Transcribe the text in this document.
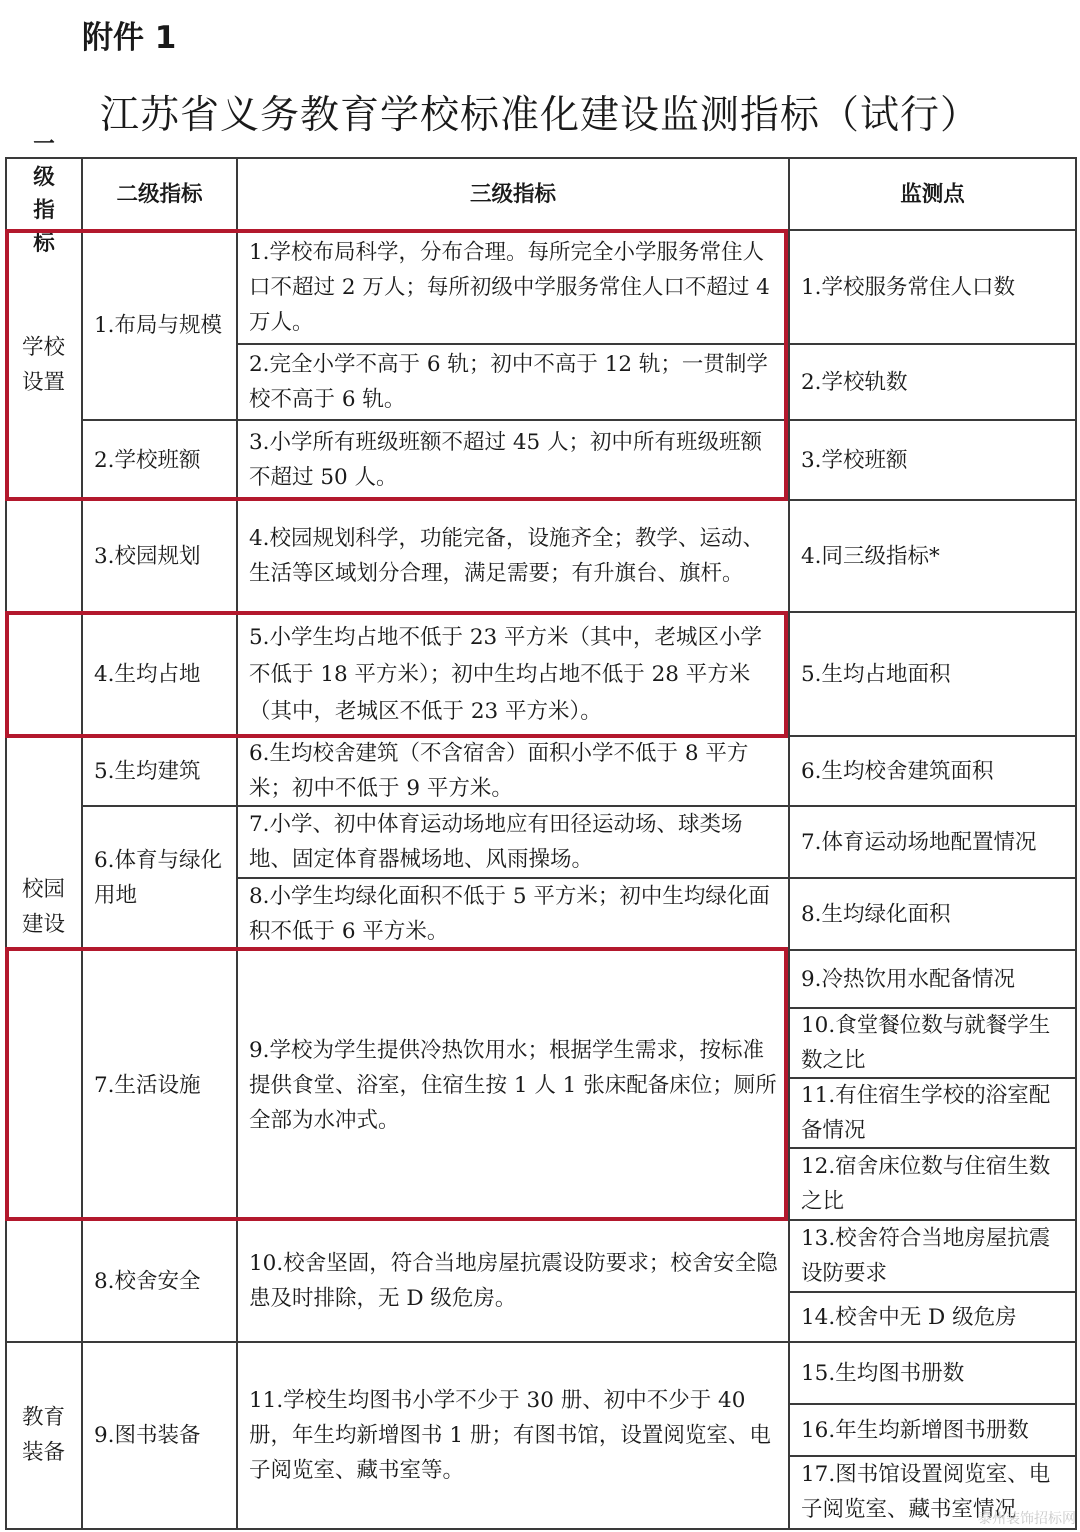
附件 1
江苏省义务教育学校标准化建设监测指标（试行）
一级指标
二级指标	三级指标	监测点
学校设置
校园建设
教育装备
1.布局与规模
2.学校班额
3.校园规划
4.生均占地
5.生均建筑
6.体育与绿化用地
7.生活设施
8.校舍安全
9.图书装备
1.学校布局科学，分布合理。每所完全小学服务常住人口不超过 2 万人；每所初级中学服务常住人口不超过 4 万人。
2.完全小学不高于 6 轨；初中不高于 12 轨；一贯制学校不高于 6 轨。
3.小学所有班级班额不超过 45 人；初中所有班级班额不超过 50 人。
4.校园规划科学，功能完备，设施齐全；教学、运动、生活等区域划分合理，满足需要；有升旗台、旗杆。
5.小学生均占地不低于 23 平方米（其中，老城区小学不低于 18 平方米）；初中生均占地不低于 28 平方米（其中，老城区不低于 23 平方米）。
6.生均校舍建筑（不含宿舍）面积小学不低于 8 平方米；初中不低于 9 平方米。
7.小学、初中体育运动场地应有田径运动场、球类场地、固定体育器械场地、风雨操场。
8.小学生均绿化面积不低于 5 平方米；初中生均绿化面积不低于 6 平方米。
9.学校为学生提供冷热饮用水；根据学生需求，按标准提供食堂、浴室，住宿生按 1 人 1 张床配备床位；厕所全部为水冲式。
10.校舍坚固，符合当地房屋抗震设防要求；校舍安全隐患及时排除，无 D 级危房。
11.学校生均图书小学不少于 30 册、初中不少于 40 册，年生均新增图书 1 册；有图书馆，设置阅览室、电子阅览室、藏书室等。
1.学校服务常住人口数
2.学校轨数
3.学校班额
4.同三级指标*
5.生均占地面积
6.生均校舍建筑面积
7.体育运动场地配置情况
8.生均绿化面积
9.冷热饮用水配备情况
10.食堂餐位数与就餐学生数之比
11.有住宿生学校的浴室配备情况
12.宿舍床位数与住宿生数之比
13.校舍符合当地房屋抗震设防要求
14.校舍中无 D 级危房
15.生均图书册数
16.年生均新增图书册数
17.图书馆设置阅览室、电子阅览室、藏书室情况
泰州装饰招标网
